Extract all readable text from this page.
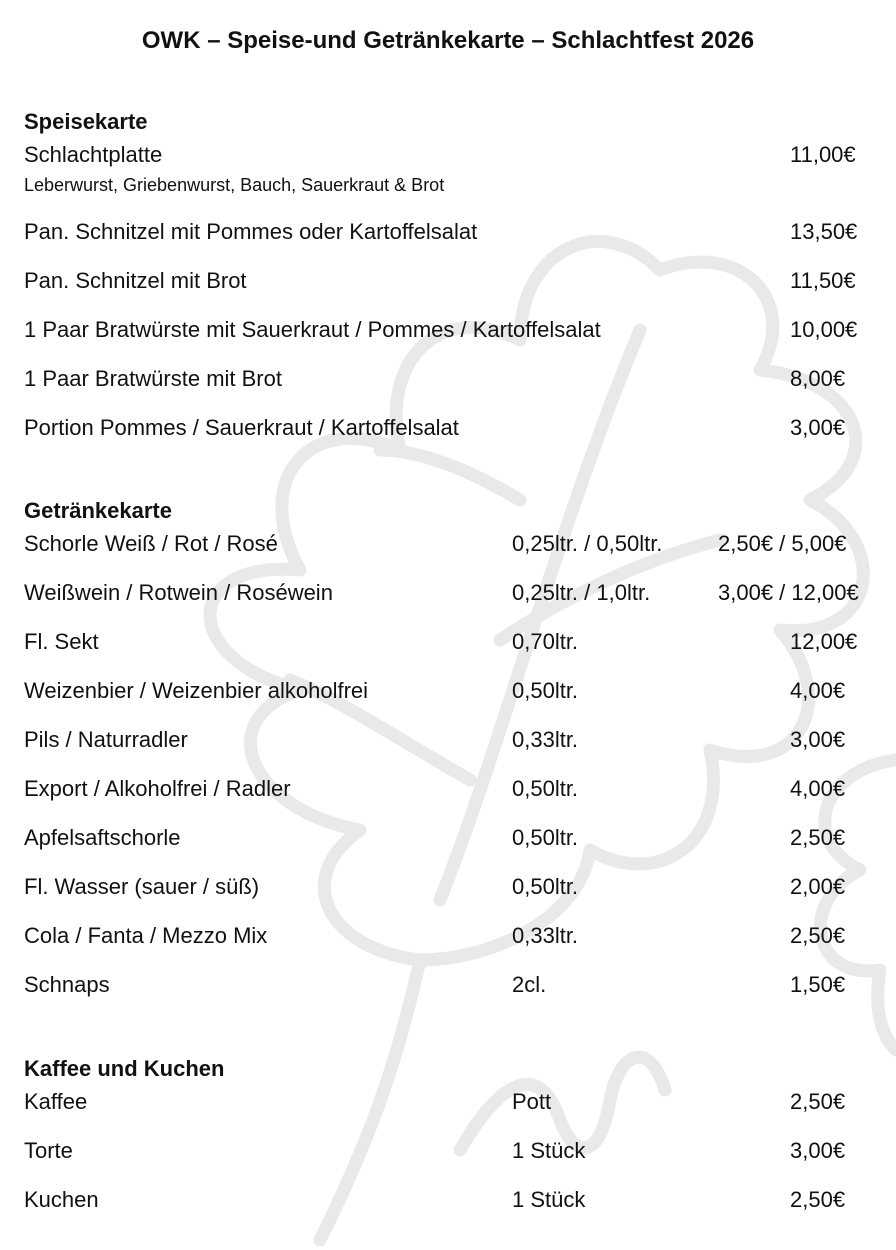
OWK – Speise-und Getränkekarte – Schlachtfest 2026
Speisekarte
Schlachtplatte	11,00€
Leberwurst, Griebenwurst, Bauch, Sauerkraut & Brot
Pan. Schnitzel mit Pommes oder Kartoffelsalat	13,50€
Pan. Schnitzel mit Brot	11,50€
1 Paar Bratwürste mit Sauerkraut / Pommes / Kartoffelsalat	10,00€
1 Paar Bratwürste mit Brot	8,00€
Portion Pommes / Sauerkraut / Kartoffelsalat	3,00€
Getränkekarte
Schorle Weiß / Rot / Rosé	0,25ltr. / 0,50ltr.	2,50€ / 5,00€
Weißwein / Rotwein / Roséwein	0,25ltr. / 1,0ltr.	3,00€ / 12,00€
Fl. Sekt	0,70ltr.	12,00€
Weizenbier / Weizenbier alkoholfrei	0,50ltr.	4,00€
Pils / Naturradler	0,33ltr.	3,00€
Export / Alkoholfrei / Radler	0,50ltr.	4,00€
Apfelsaftschorle	0,50ltr.	2,50€
Fl. Wasser (sauer / süß)	0,50ltr.	2,00€
Cola / Fanta / Mezzo Mix	0,33ltr.	2,50€
Schnaps	2cl.	1,50€
Kaffee und Kuchen
Kaffee	Pott	2,50€
Torte	1 Stück	3,00€
Kuchen	1 Stück	2,50€
